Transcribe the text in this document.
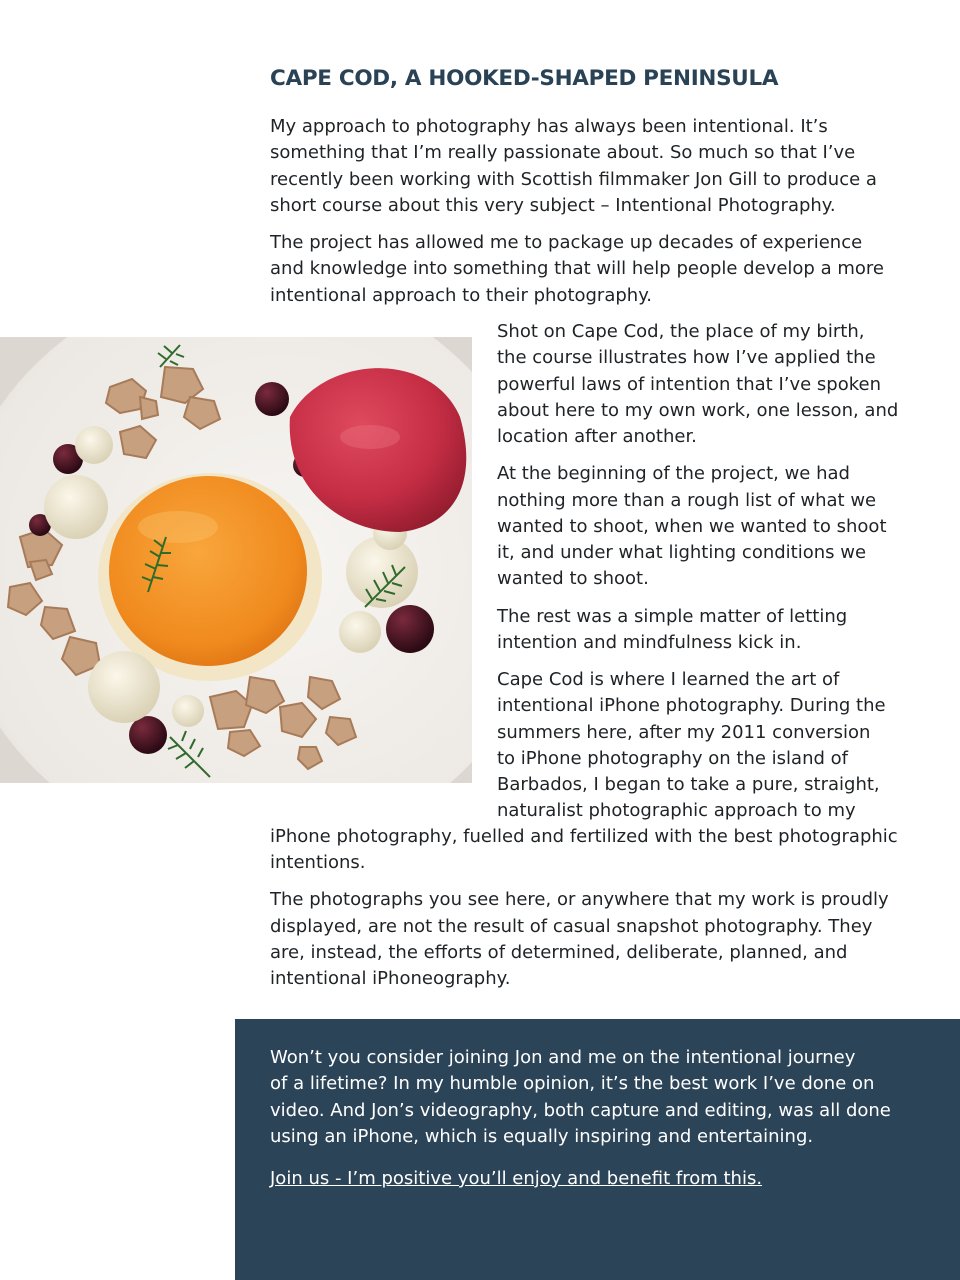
CAPE COD, A HOOKED-SHAPED PENINSULA

My approach to photography has always been intentional. It’s
something that I’m really passionate about. So much so that I’ve
recently been working with Scottish filmmaker Jon Gill to produce a
short course about this very subject – Intentional Photography.

The project has allowed me to package up decades of experience
and knowledge into something that will help people develop a more
intentional approach to their photography.

Shot on Cape Cod, the place of my birth,
the course illustrates how I’ve applied the
powerful laws of intention that I’ve spoken
about here to my own work, one lesson, and
location after another.

At the beginning of the project, we had
nothing more than a rough list of what we
wanted to shoot, when we wanted to shoot
it, and under what lighting conditions we
wanted to shoot.

The rest was a simple matter of letting
intention and mindfulness kick in.

Cape Cod is where I learned the art of
intentional iPhone photography. During the
summers here, after my 2011 conversion
to iPhone photography on the island of
Barbados, I began to take a pure, straight,
naturalist photographic approach to my

iPhone photography, fuelled and fertilized with the best photographic
intentions.

The photographs you see here, or anywhere that my work is proudly
displayed, are not the result of casual snapshot photography. They
are, instead, the efforts of determined, deliberate, planned, and
intentional iPhoneography.

Won’t you consider joining Jon and me on the intentional journey
of a lifetime? In my humble opinion, it’s the best work I’ve done on
video. And Jon’s videography, both capture and editing, was all done
using an iPhone, which is equally inspiring and entertaining.

Join us - I’m positive you’ll enjoy and benefit from this.
